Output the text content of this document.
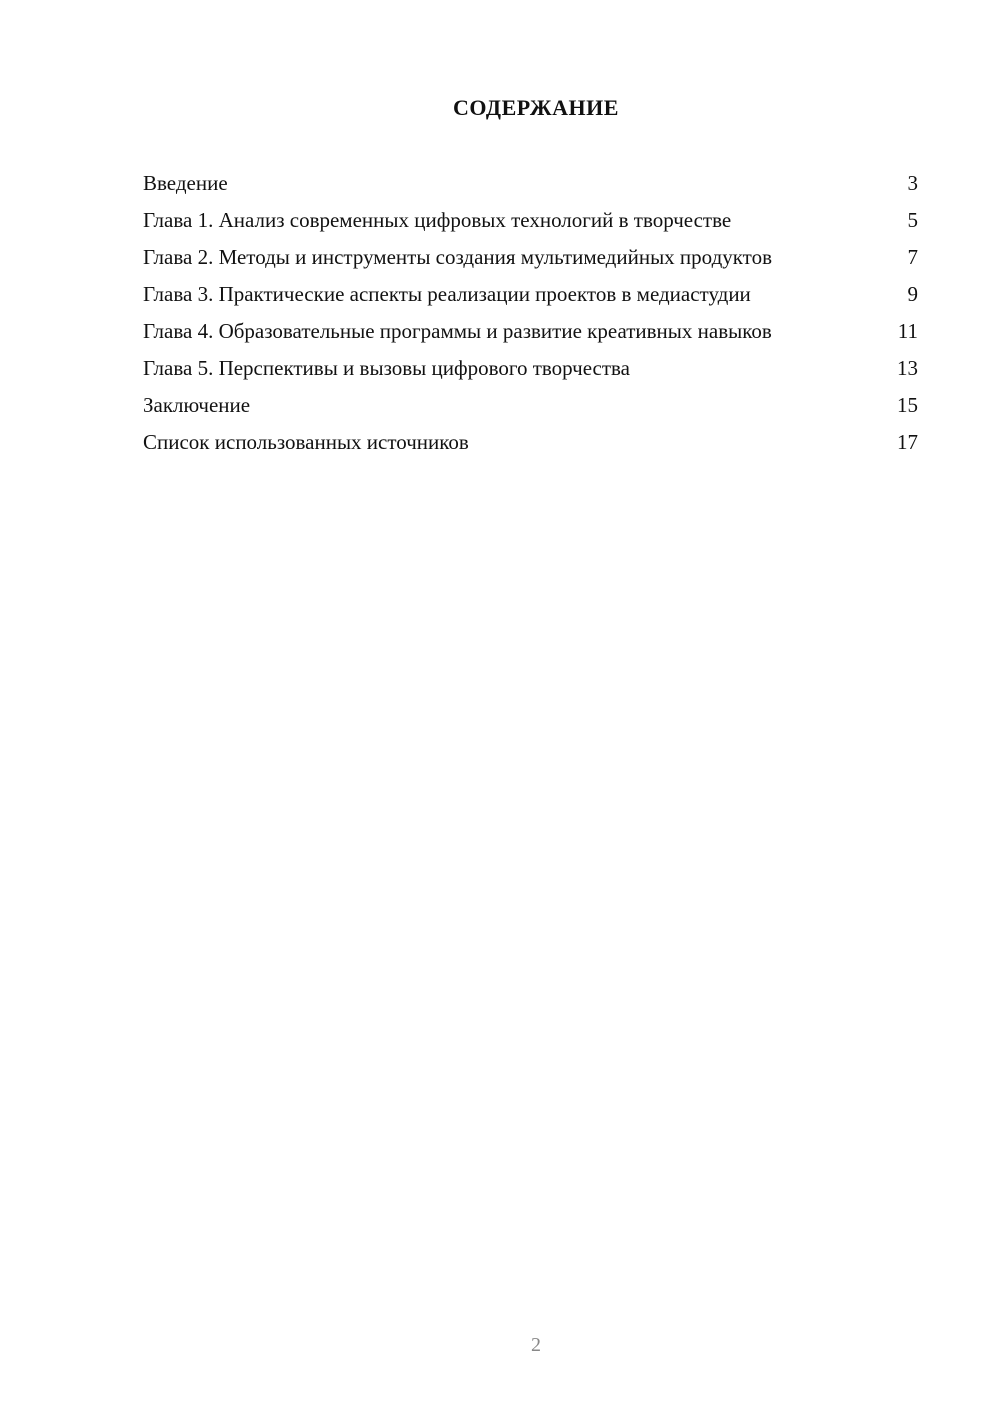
СОДЕРЖАНИЕ
Введение	3
Глава 1. Анализ современных цифровых технологий в творчестве	5
Глава 2. Методы и инструменты создания мультимедийных продуктов	7
Глава 3. Практические аспекты реализации проектов в медиастудии	9
Глава 4. Образовательные программы и развитие креативных навыков	11
Глава 5. Перспективы и вызовы цифрового творчества	13
Заключение	15
Список использованных источников	17
2
